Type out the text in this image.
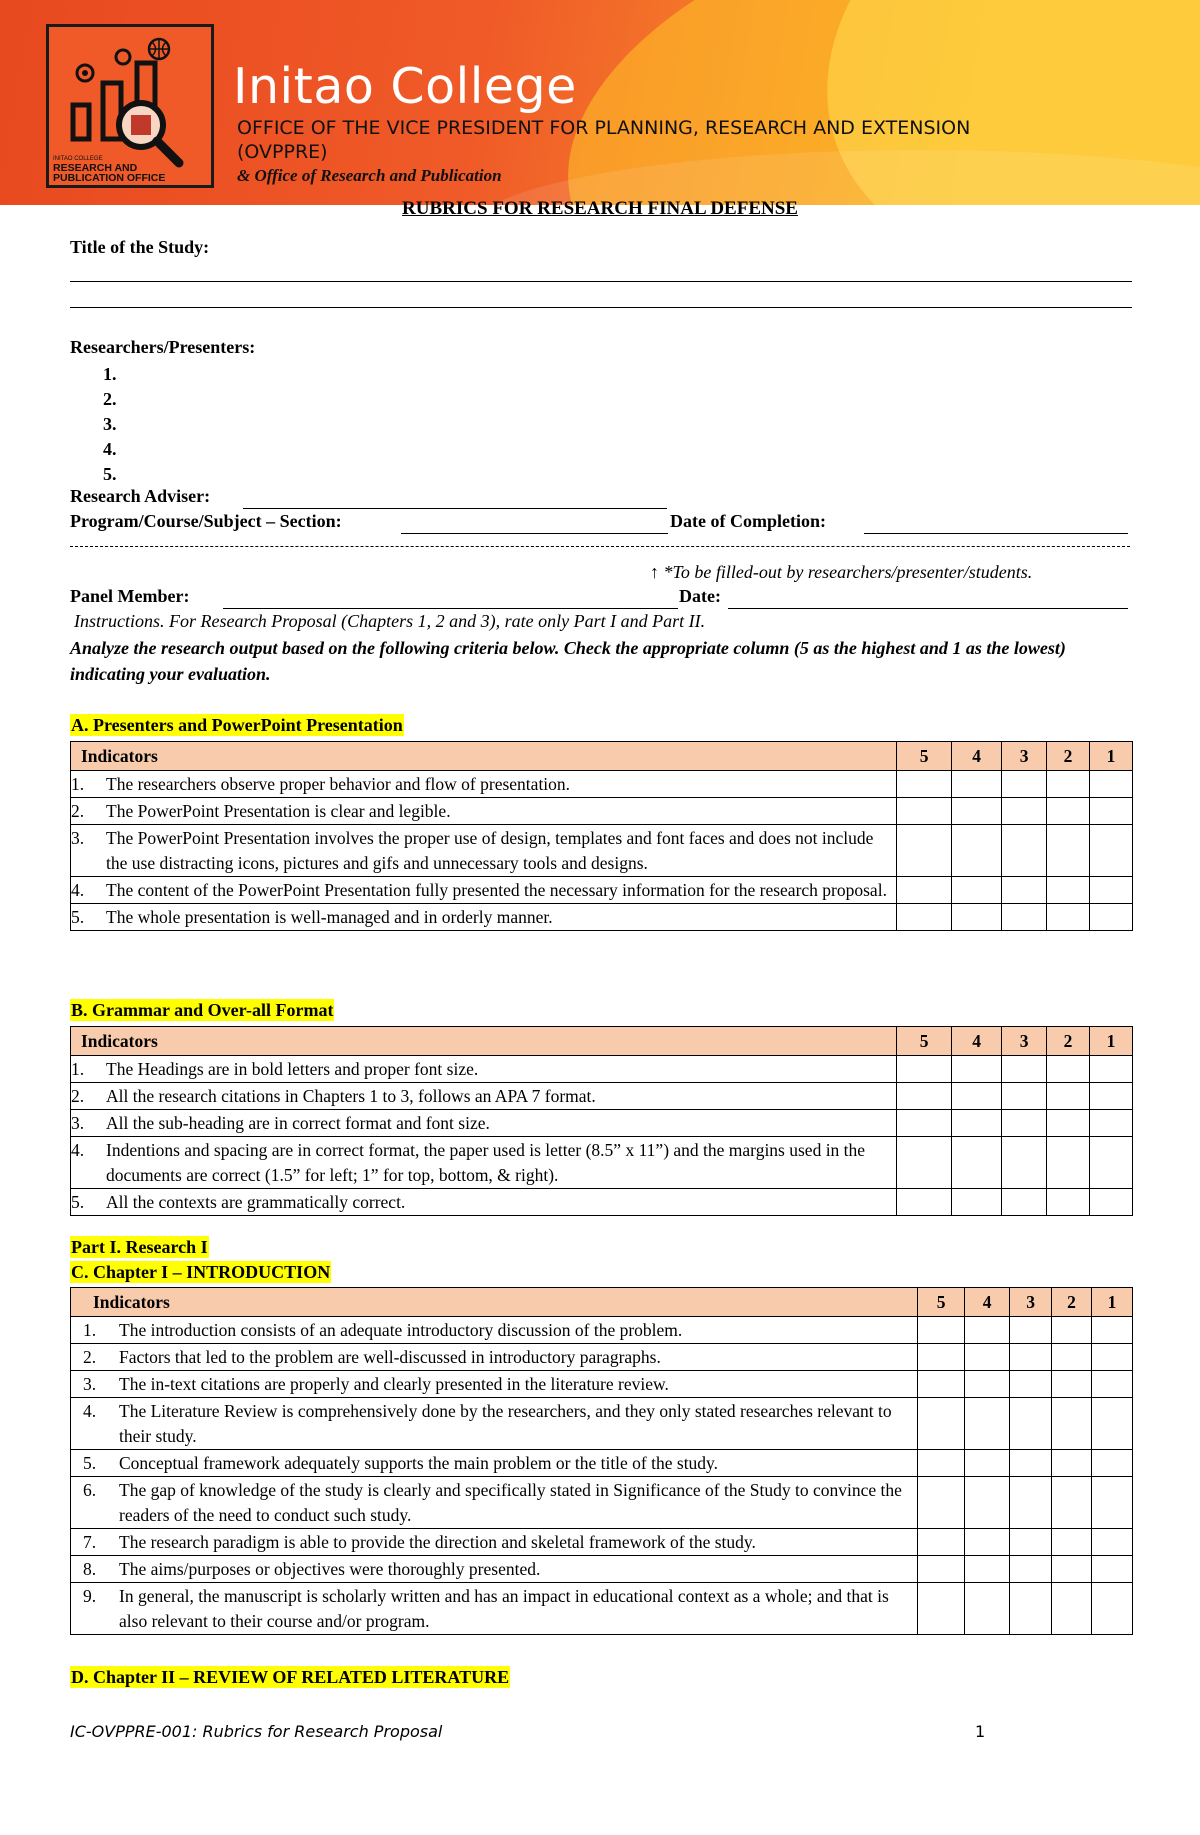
INITAO COLLEGE
RESEARCH AND
PUBLICATION OFFICE
Initao College
OFFICE OF THE VICE PRESIDENT FOR PLANNING, RESEARCH AND EXTENSION (OVPPRE)
& Office of Research and Publication
RUBRICS FOR RESEARCH FINAL DEFENSE
Title of the Study:
Researchers/Presenters:
1.
2.
3.
4.
5.
Research Adviser:
Program/Course/Subject – Section:	Date of Completion:
↑ *To be filled-out by researchers/presenter/students.
Panel Member:	Date:
Instructions. For Research Proposal (Chapters 1, 2 and 3), rate only Part I and Part II.
Analyze the research output based on the following criteria below. Check the appropriate column (5 as the highest and 1 as the lowest) indicating your evaluation.
A. Presenters and PowerPoint Presentation
Indicators	5	4	3	2	1

1. The researchers observe proper behavior and flow of presentation.					

2. The PowerPoint Presentation is clear and legible.					

3. The PowerPoint Presentation involves the proper use of design, templates and font faces and does not include the use distracting icons, pictures and gifs and unnecessary tools and designs.					

4. The content of the PowerPoint Presentation fully presented the necessary information for the research proposal.					

5. The whole presentation is well-managed and in orderly manner.					

B. Grammar and Over-all Format
Indicators	5	4	3	2	1

1. The Headings are in bold letters and proper font size.					

2. All the research citations in Chapters 1 to 3, follows an APA 7 format.					

3. All the sub-heading are in correct format and font size.					

4. Indentions and spacing are in correct format, the paper used is letter (8.5” x 11”) and the margins used in the documents are correct (1.5” for left; 1” for top, bottom, & right).					

5. All the contexts are grammatically correct.					

Part I. Research I
C. Chapter I – INTRODUCTION
Indicators	5	4	3	2	1

1. The introduction consists of an adequate introductory discussion of the problem.					

2. Factors that led to the problem are well-discussed in introductory paragraphs.					

3. The in-text citations are properly and clearly presented in the literature review.					

4. The Literature Review is comprehensively done by the researchers, and they only stated researches relevant to their study.					

5. Conceptual framework adequately supports the main problem or the title of the study.					

6. The gap of knowledge of the study is clearly and specifically stated in Significance of the Study to convince the readers of the need to conduct such study.					

7. The research paradigm is able to provide the direction and skeletal framework of the study.					

8. The aims/purposes or objectives were thoroughly presented.					

9. In general, the manuscript is scholarly written and has an impact in educational context as a whole; and that is also relevant to their course and/or program.					

D. Chapter II – REVIEW OF RELATED LITERATURE
IC-OVPPRE-001: Rubrics for Research Proposal	1
